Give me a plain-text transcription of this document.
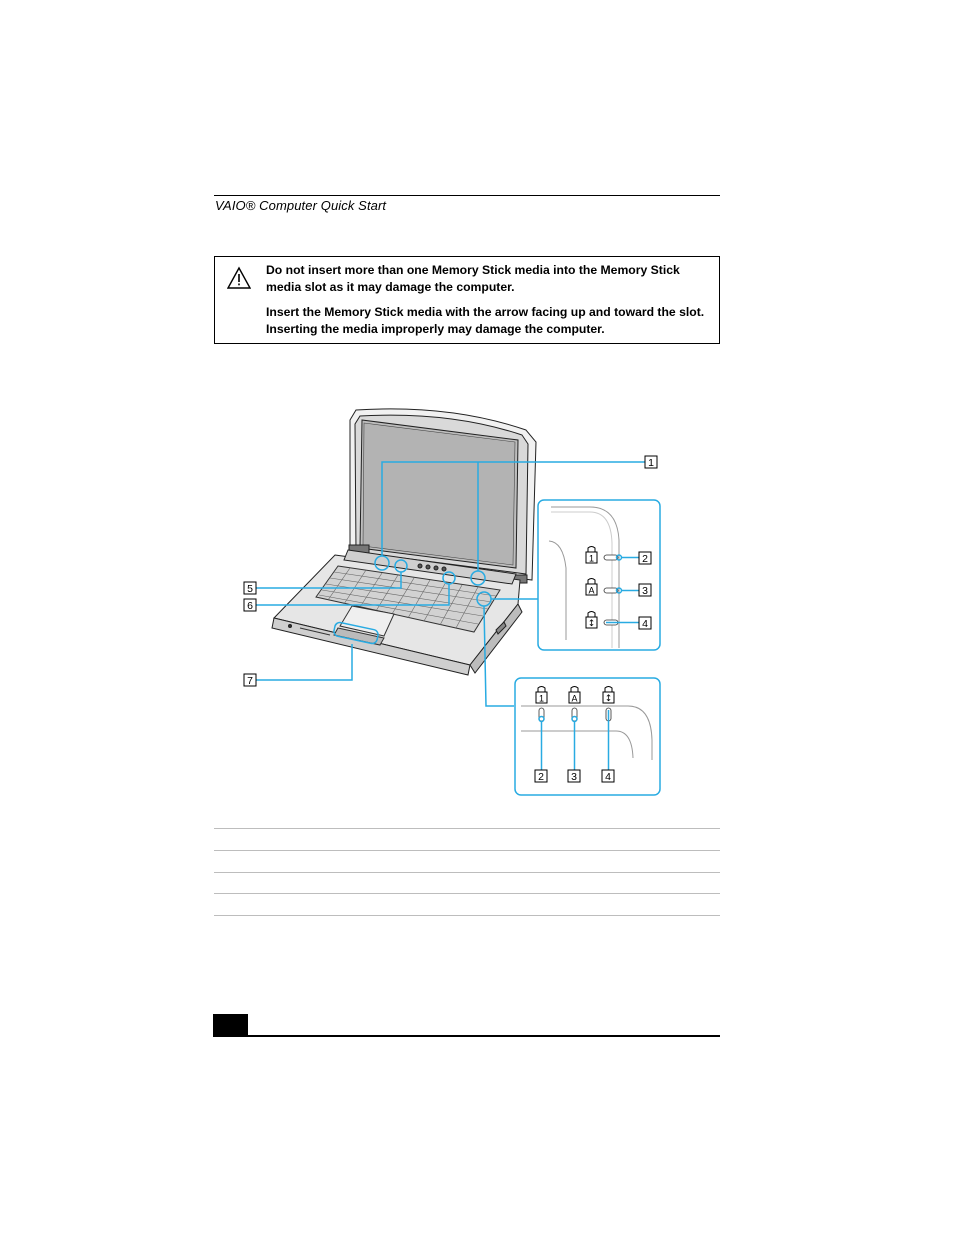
VAIO® Computer Quick Start
Do not insert more than one Memory Stick media into the Memory Stick media slot as it may damage the computer.
Insert the Memory Stick media with the arrow facing up and toward the slot. Inserting the media improperly may damage the computer.
1
A
↕
1	A	↕
1
2
3
4
5
6
7
2	3	4
